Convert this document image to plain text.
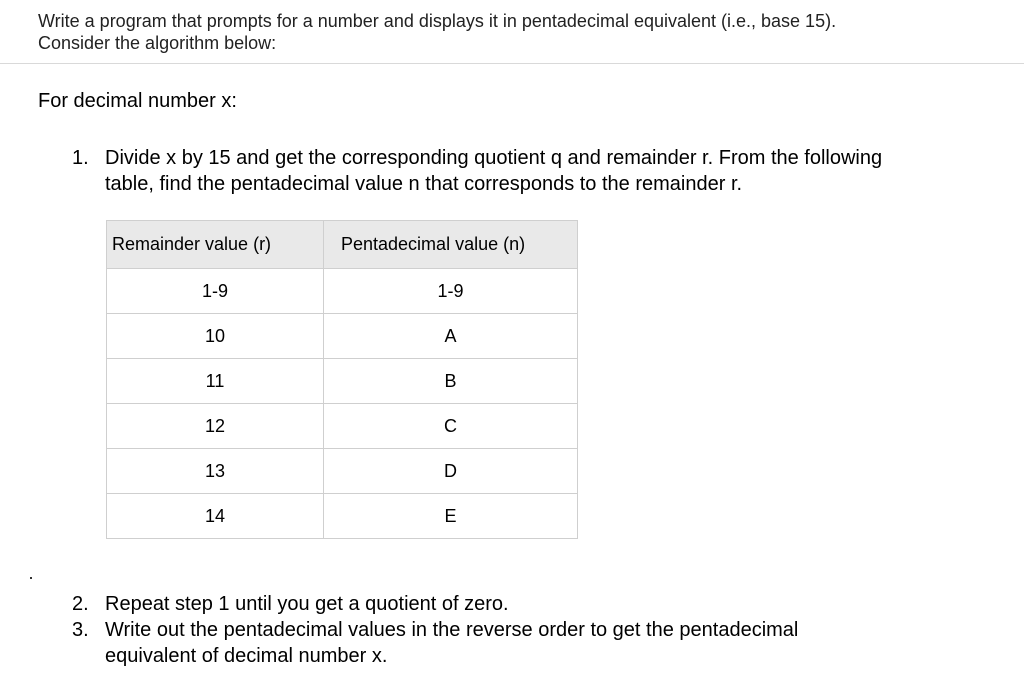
Write a program that prompts for a number and displays it in pentadecimal equivalent (i.e., base 15).
Consider the algorithm below:
For decimal number x:
1. Divide x by 15 and get the corresponding quotient q and remainder r. From the following
table, find the pentadecimal value n that corresponds to the remainder r.
Remainder value (r)	Pentadecimal value (n)
1-9	1-9
10	A
11	B
12	C
13	D
14	E
2. Repeat step 1 until you get a quotient of zero.
3. Write out the pentadecimal values in the reverse order to get the pentadecimal
equivalent of decimal number x.
